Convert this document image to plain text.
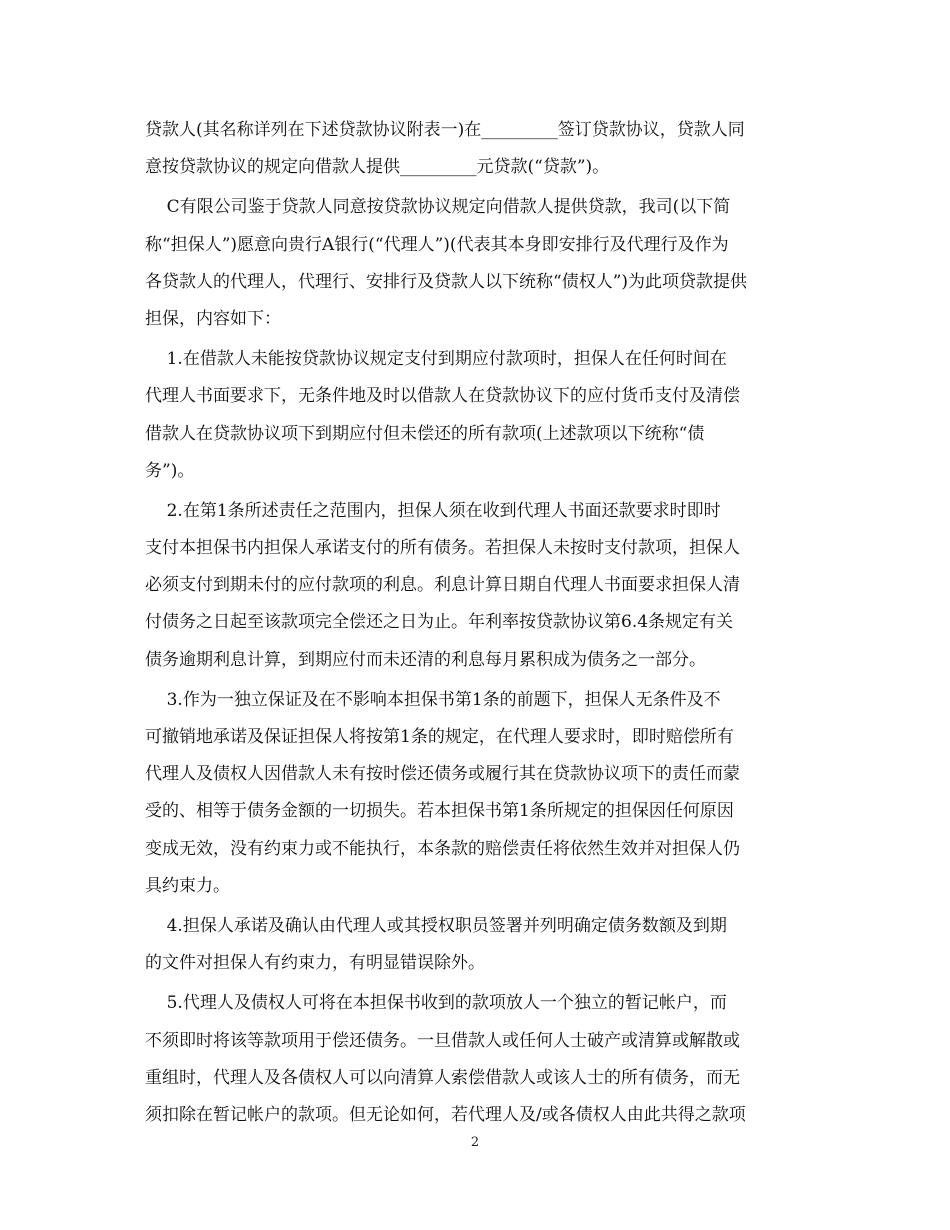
贷款人(其名称详列在下述贷款协议附表一)在_________签订贷款协议，贷款人同
意按贷款协议的规定向借款人提供_________元贷款(“贷款”)。
C有限公司鉴于贷款人同意按贷款协议规定向借款人提供贷款，我司(以下简
称“担保人”)愿意向贵行A银行(“代理人”)(代表其本身即安排行及代理行及作为
各贷款人的代理人，代理行、安排行及贷款人以下统称“债权人”)为此项贷款提供
担保，内容如下：
1.在借款人未能按贷款协议规定支付到期应付款项时，担保人在任何时间在
代理人书面要求下，无条件地及时以借款人在贷款协议下的应付货币支付及清偿
借款人在贷款协议项下到期应付但未偿还的所有款项(上述款项以下统称“债
务”)。
2.在第1条所述责任之范围内，担保人须在收到代理人书面还款要求时即时
支付本担保书内担保人承诺支付的所有债务。若担保人未按时支付款项，担保人
必须支付到期未付的应付款项的利息。利息计算日期自代理人书面要求担保人清
付债务之日起至该款项完全偿还之日为止。年利率按贷款协议第6.4条规定有关
债务逾期利息计算，到期应付而未还清的利息每月累积成为债务之一部分。
3.作为一独立保证及在不影响本担保书第1条的前题下，担保人无条件及不
可撤销地承诺及保证担保人将按第1条的规定，在代理人要求时，即时赔偿所有
代理人及债权人因借款人未有按时偿还债务或履行其在贷款协议项下的责任而蒙
受的、相等于债务金额的一切损失。若本担保书第1条所规定的担保因任何原因
变成无效，没有约束力或不能执行，本条款的赔偿责任将依然生效并对担保人仍
具约束力。
4.担保人承诺及确认由代理人或其授权职员签署并列明确定债务数额及到期
的文件对担保人有约束力，有明显错误除外。
5.代理人及债权人可将在本担保书收到的款项放人一个独立的暂记帐户，而
不须即时将该等款项用于偿还债务。一旦借款人或任何人士破产或清算或解散或
重组时，代理人及各债权人可以向清算人索偿借款人或该人士的所有债务，而无
须扣除在暂记帐户的款项。但无论如何，若代理人及/或各债权人由此共得之款项
2
